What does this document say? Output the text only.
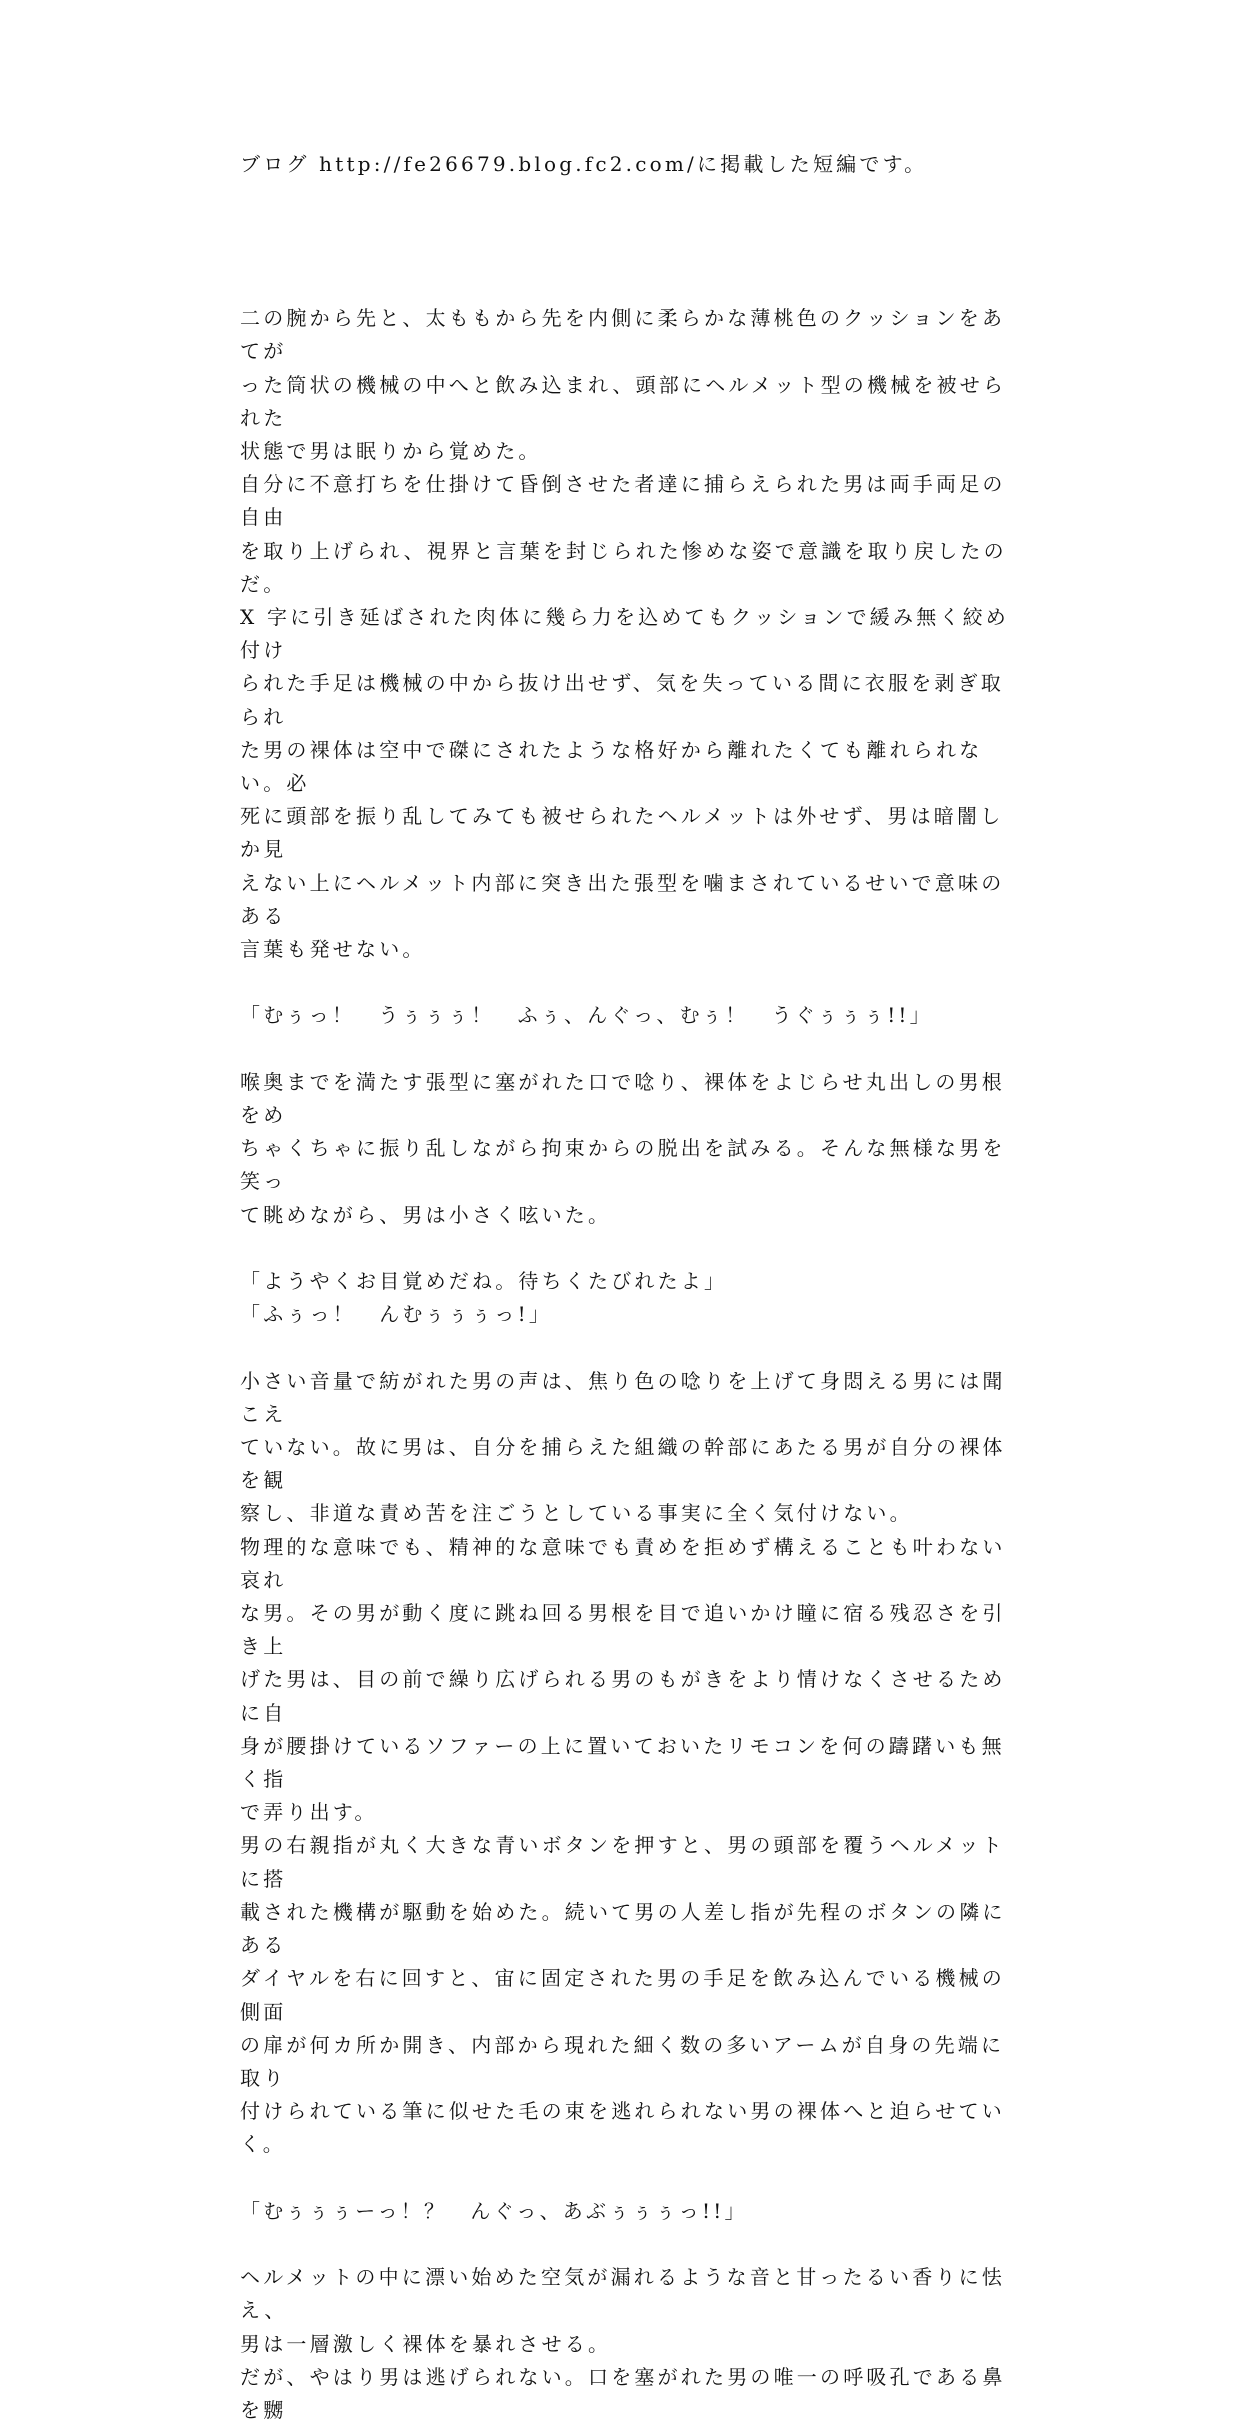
ブログ http://fe26679.blog.fc2.com/に掲載した短編です。

二の腕から先と、太ももから先を内側に柔らかな薄桃色のクッションをあてが

った筒状の機械の中へと飲み込まれ、頭部にヘルメット型の機械を被せられた

状態で男は眠りから覚めた。

自分に不意打ちを仕掛けて昏倒させた者達に捕らえられた男は両手両足の自由

を取り上げられ、視界と言葉を封じられた惨めな姿で意識を取り戻したのだ。

X 字に引き延ばされた肉体に幾ら力を込めてもクッションで緩み無く絞め付け

られた手足は機械の中から抜け出せず、気を失っている間に衣服を剥ぎ取られ

た男の裸体は空中で磔にされたような格好から離れたくても離れられない。必

死に頭部を振り乱してみても被せられたヘルメットは外せず、男は暗闇しか見

えない上にヘルメット内部に突き出た張型を噛まされているせいで意味のある

言葉も発せない。

「むぅっ！　うぅぅぅ！　ふぅ、んぐっ、むぅ！　うぐぅぅぅ!!」

喉奥までを満たす張型に塞がれた口で唸り、裸体をよじらせ丸出しの男根をめ

ちゃくちゃに振り乱しながら拘束からの脱出を試みる。そんな無様な男を笑っ

て眺めながら、男は小さく呟いた。

「ようやくお目覚めだね。待ちくたびれたよ」

「ふぅっ！　んむぅぅぅっ!」

小さい音量で紡がれた男の声は、焦り色の唸りを上げて身悶える男には聞こえ

ていない。故に男は、自分を捕らえた組織の幹部にあたる男が自分の裸体を観

察し、非道な責め苦を注ごうとしている事実に全く気付けない。

物理的な意味でも、精神的な意味でも責めを拒めず構えることも叶わない哀れ

な男。その男が動く度に跳ね回る男根を目で追いかけ瞳に宿る残忍さを引き上

げた男は、目の前で繰り広げられる男のもがきをより情けなくさせるために自

身が腰掛けているソファーの上に置いておいたリモコンを何の躊躇いも無く指

で弄り出す。

男の右親指が丸く大きな青いボタンを押すと、男の頭部を覆うヘルメットに搭

載された機構が駆動を始めた。続いて男の人差し指が先程のボタンの隣にある

ダイヤルを右に回すと、宙に固定された男の手足を飲み込んでいる機械の側面

の扉が何カ所か開き、内部から現れた細く数の多いアームが自身の先端に取り

付けられている筆に似せた毛の束を逃れられない男の裸体へと迫らせていく。

「むぅぅぅーっ！？　んぐっ、あぶぅぅぅっ!!」

ヘルメットの中に漂い始めた空気が漏れるような音と甘ったるい香りに怯え、

男は一層激しく裸体を暴れさせる。

だが、やはり男は逃げられない。口を塞がれた男の唯一の呼吸孔である鼻を嬲
